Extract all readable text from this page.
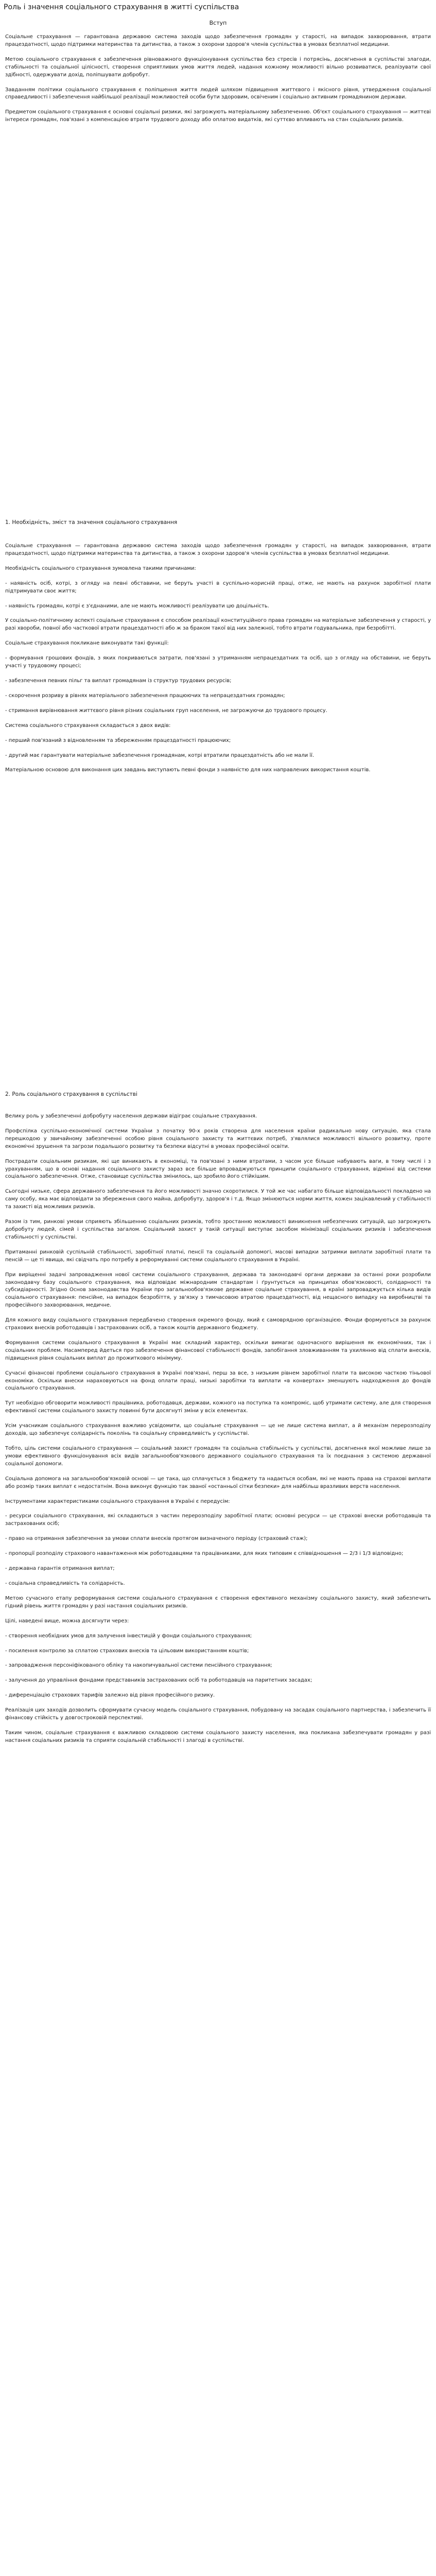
Роль і значення соціального страхування в житті суспільства
Вступ

Соціальне страхування — гарантована державою система заходів щодо забезпечення громадян у старості, на випадок захворювання, втрати працездатності, щодо підтримки материнства та дитинства, а також з охорони здоров'я членів суспільства в умовах безплатної медицини.

Метою соціального страхування є забезпечення рівноважного функціонування суспільства без стресів і потрясінь, досягнення в суспільстві злагоди, стабільності та соціальної цілісності, створення сприятливих умов життя людей, надання кожному можливості вільно розвиватися, реалізувати свої здібності, одержувати дохід, поліпшувати добробут.

Завданням політики соціального страхування є поліпшення життя людей шляхом підвищення життєвого і якісного рівня, утвердження соціальної справедливості і забезпечення найбільшої реалізації можливостей особи бути здоровим, освіченим і соціально активним громадянином держави.

Предметом соціального страхування є основні соціальні ризики, які загрожують матеріальному забезпеченню. Об'єкт соціального страхування — життєві інтереси громадян, пов'язані з компенсацією втрати трудового доходу або оплатою видатків, які суттєво впливають на стан соціальних ризиків.

1. Необхідність, зміст та значення соціального страхування

Соціальне страхування — гарантована державою система заходів щодо забезпечення громадян у старості, на випадок захворювання, втрати працездатності, щодо підтримки материнства та дитинства, а також з охорони здоров'я членів суспільства в умовах безплатної медицини.

Необхідність соціального страхування зумовлена такими причинами:

- наявність осіб, котрі, з огляду на певні обставини, не беруть участі в суспільно-корисній праці, отже, не мають на рахунок заробітної плати підтримувати своє життя;

- наявність громадян, котрі є з'єднаними, але не мають можливості реалізувати цю доцільність.

У соціально-політичному аспекті соціальне страхування є способом реалізації конституційного права громадян на матеріальне забезпечення у старості, у разі хвороби, повної або часткової втрати працездатності або ж за браком такої від них залежної, тобто втрати годувальника, при безробітті.

Соціальне страхування покликане виконувати такі функції:

- формування грошових фондів, з яких покриваються затрати, пов'язані з утриманням непрацездатних та осіб, що з огляду на обставини, не беруть участі у трудовому процесі;

- забезпечення певних пільг та виплат громадянам із структур трудових ресурсів;

- скорочення розриву в рівнях матеріального забезпечення працюючих та непрацездатних громадян;

- стримання вирівнювання життєвого рівня різних соціальних груп населення, не загрожуючи до трудового процесу.

Система соціального страхування складається з двох видів:

- перший пов'язаний з відновленням та збереженням працездатності працюючих;

- другий має гарантувати матеріальне забезпечення громадянам, котрі втратили працездатність або не мали її.

Матеріальною основою для виконання цих завдань виступають певні фонди з наявністю для них направлених використання коштів.

2. Роль соціального страхування в суспільстві

Велику роль у забезпеченні добробуту населення держави відіграє соціальне страхування.

Профспілка суспільно-економічної системи України з початку 90-х років створена для населення країни радикально нову ситуацію, яка стала перешкодою у звичайному забезпеченні особою рівня соціального захисту та життєвих потреб, з'являлися можливості вільного розвитку, проте економічні зрушення та загрози подальшого розвитку та безпеки відсутні в умовах професійної освіти.

Пострадати соціальним ризикам, які ще виникають в економіці, та пов'язані з ними втратами, з часом усе більше набувають ваги, в тому числі і з урахуванням, що в основі надання соціального захисту зараз все більше впроваджуються принципи соціального страхування, відмінні від системи соціального забезпечення. Отже, становище суспільства змінилось, що зробило його стійкішим.

Сьогодні низьке, сфера державного забезпечення та його можливості значно скоротилися. У той же час набагато більше відповідальності покладено на саму особу, яка має відповідати за збереження свого майна, добробуту, здоров'я і т.д. Якщо змінюються норми життя, кожен зацікавлений у стабільності та захисті від можливих ризиків.

Разом із тим, ринкові умови сприяють збільшенню соціальних ризиків, тобто зростанню можливості виникнення небезпечних ситуацій, що загрожують добробуту людей, сімей і суспільства загалом. Соціальний захист у такій ситуації виступає засобом мінімізації соціальних ризиків і забезпечення стабільності у суспільстві.

Притаманні ринковій суспільній стабільності, заробітної платні, пенсії та соціальній допомогі, масові випадки затримки виплати заробітної плати та пенсій — це ті явища, які свідчать про потребу в реформуванні системи соціального страхування в Україні.

При виріщенні задачі запровадження нової системи соціального страхування, держава та законодавчі органи держави за останні роки розробили законодавчу базу соціального страхування, яка відповідає міжнародним стандартам і ґрунтується на принципах обов'язковості, солідарності та субсидіарності. Згідно Основ законодавства України про загальнообов'язкове державне соціальне страхування, в країні запроваджується кілька видів соціального страхування: пенсійне, на випадок безробіття, у зв'язку з тимчасовою втратою працездатності, від нещасного випадку на виробництві та професійного захворювання, медичне.

Для кожного виду соціального страхування передбачено створення окремого фонду, який є самоврядною організацією. Фонди формуються за рахунок страхових внесків роботодавців і застрахованих осіб, а також коштів державного бюджету.

Формування системи соціального страхування в Україні має складний характер, оскільки вимагає одночасного вирішення як економічних, так і соціальних проблем. Насамперед йдеться про забезпечення фінансової стабільності фондів, запобігання зловживанням та ухилянню від сплати внесків, підвищення рівня соціальних виплат до прожиткового мінімуму.

Сучасні фінансові проблеми соціального страхування в Україні пов'язані, перш за все, з низьким рівнем заробітної плати та високою часткою тіньової економіки. Оскільки внески нараховуються на фонд оплати праці, низькі заробітки та виплати «в конвертах» зменшують надходження до фондів соціального страхування.

Тут необхідно обговорити можливості працівника, роботодавця, держави, кожного на поступка та компроміс, щоб утримати систему, але для створення ефективної системи соціального захисту повинні бути досягнуті зміни у всіх елементах.

Усім учасникам соціального страхування важливо усвідомити, що соціальне страхування — це не лише система виплат, а й механізм перерозподілу доходів, що забезпечує солідарність поколінь та соціальну справедливість у суспільстві.

Тобто, ціль системи соціального страхування — соціальний захист громадян та соціальна стабільність у суспільстві, досягнення якої можливе лише за умови ефективного функціонування всіх видів загальнообов'язкового державного соціального страхування та їх поєднання з системою державної соціальної допомоги.

Соціальна допомога на загальнообов'язковій основі — це така, що сплачується з бюджету та надається особам, які не мають права на страхові виплати або розмір таких виплат є недостатнім. Вона виконує функцію так званої «останньої сітки безпеки» для найбільш вразливих верств населення.

Інструментами характеристиками соціального страхування в Україні є передусім:

- ресурси соціального страхування, які складаються з частин перерозподілу заробітної плати; основні ресурси — це страхові внески роботодавців та застрахованих осіб;

- право на отримання забезпечення за умови сплати внесків протягом визначеного періоду (страховий стаж);

- пропорції розподілу страхового навантаження між роботодавцями та працівниками, для яких типовим є співвідношення — 2/3 і 1/3 відповідно;

- державна гарантія отримання виплат;

- соціальна справедливість та солідарність.

Метою сучасного етапу реформування системи соціального страхування є створення ефективного механізму соціального захисту, який забезпечить гідний рівень життя громадян у разі настання соціальних ризиків.

Цілі, наведені вище, можна досягнути через:

- створення необхідних умов для залучення інвестицій у фонди соціального страхування;

- посилення контролю за сплатою страхових внесків та цільовим використанням коштів;

- запровадження персоніфікованого обліку та накопичувальної системи пенсійного страхування;

- залучення до управління фондами представників застрахованих осіб та роботодавців на паритетних засадах;

- диференціацію страхових тарифів залежно від рівня професійного ризику.

Реалізація цих заходів дозволить сформувати сучасну модель соціального страхування, побудовану на засадах соціального партнерства, і забезпечить її фінансову стійкість у довгостроковій перспективі.

Таким чином, соціальне страхування є важливою складовою системи соціального захисту населення, яка покликана забезпечувати громадян у разі настання соціальних ризиків та сприяти соціальній стабільності і злагоді в суспільстві.
